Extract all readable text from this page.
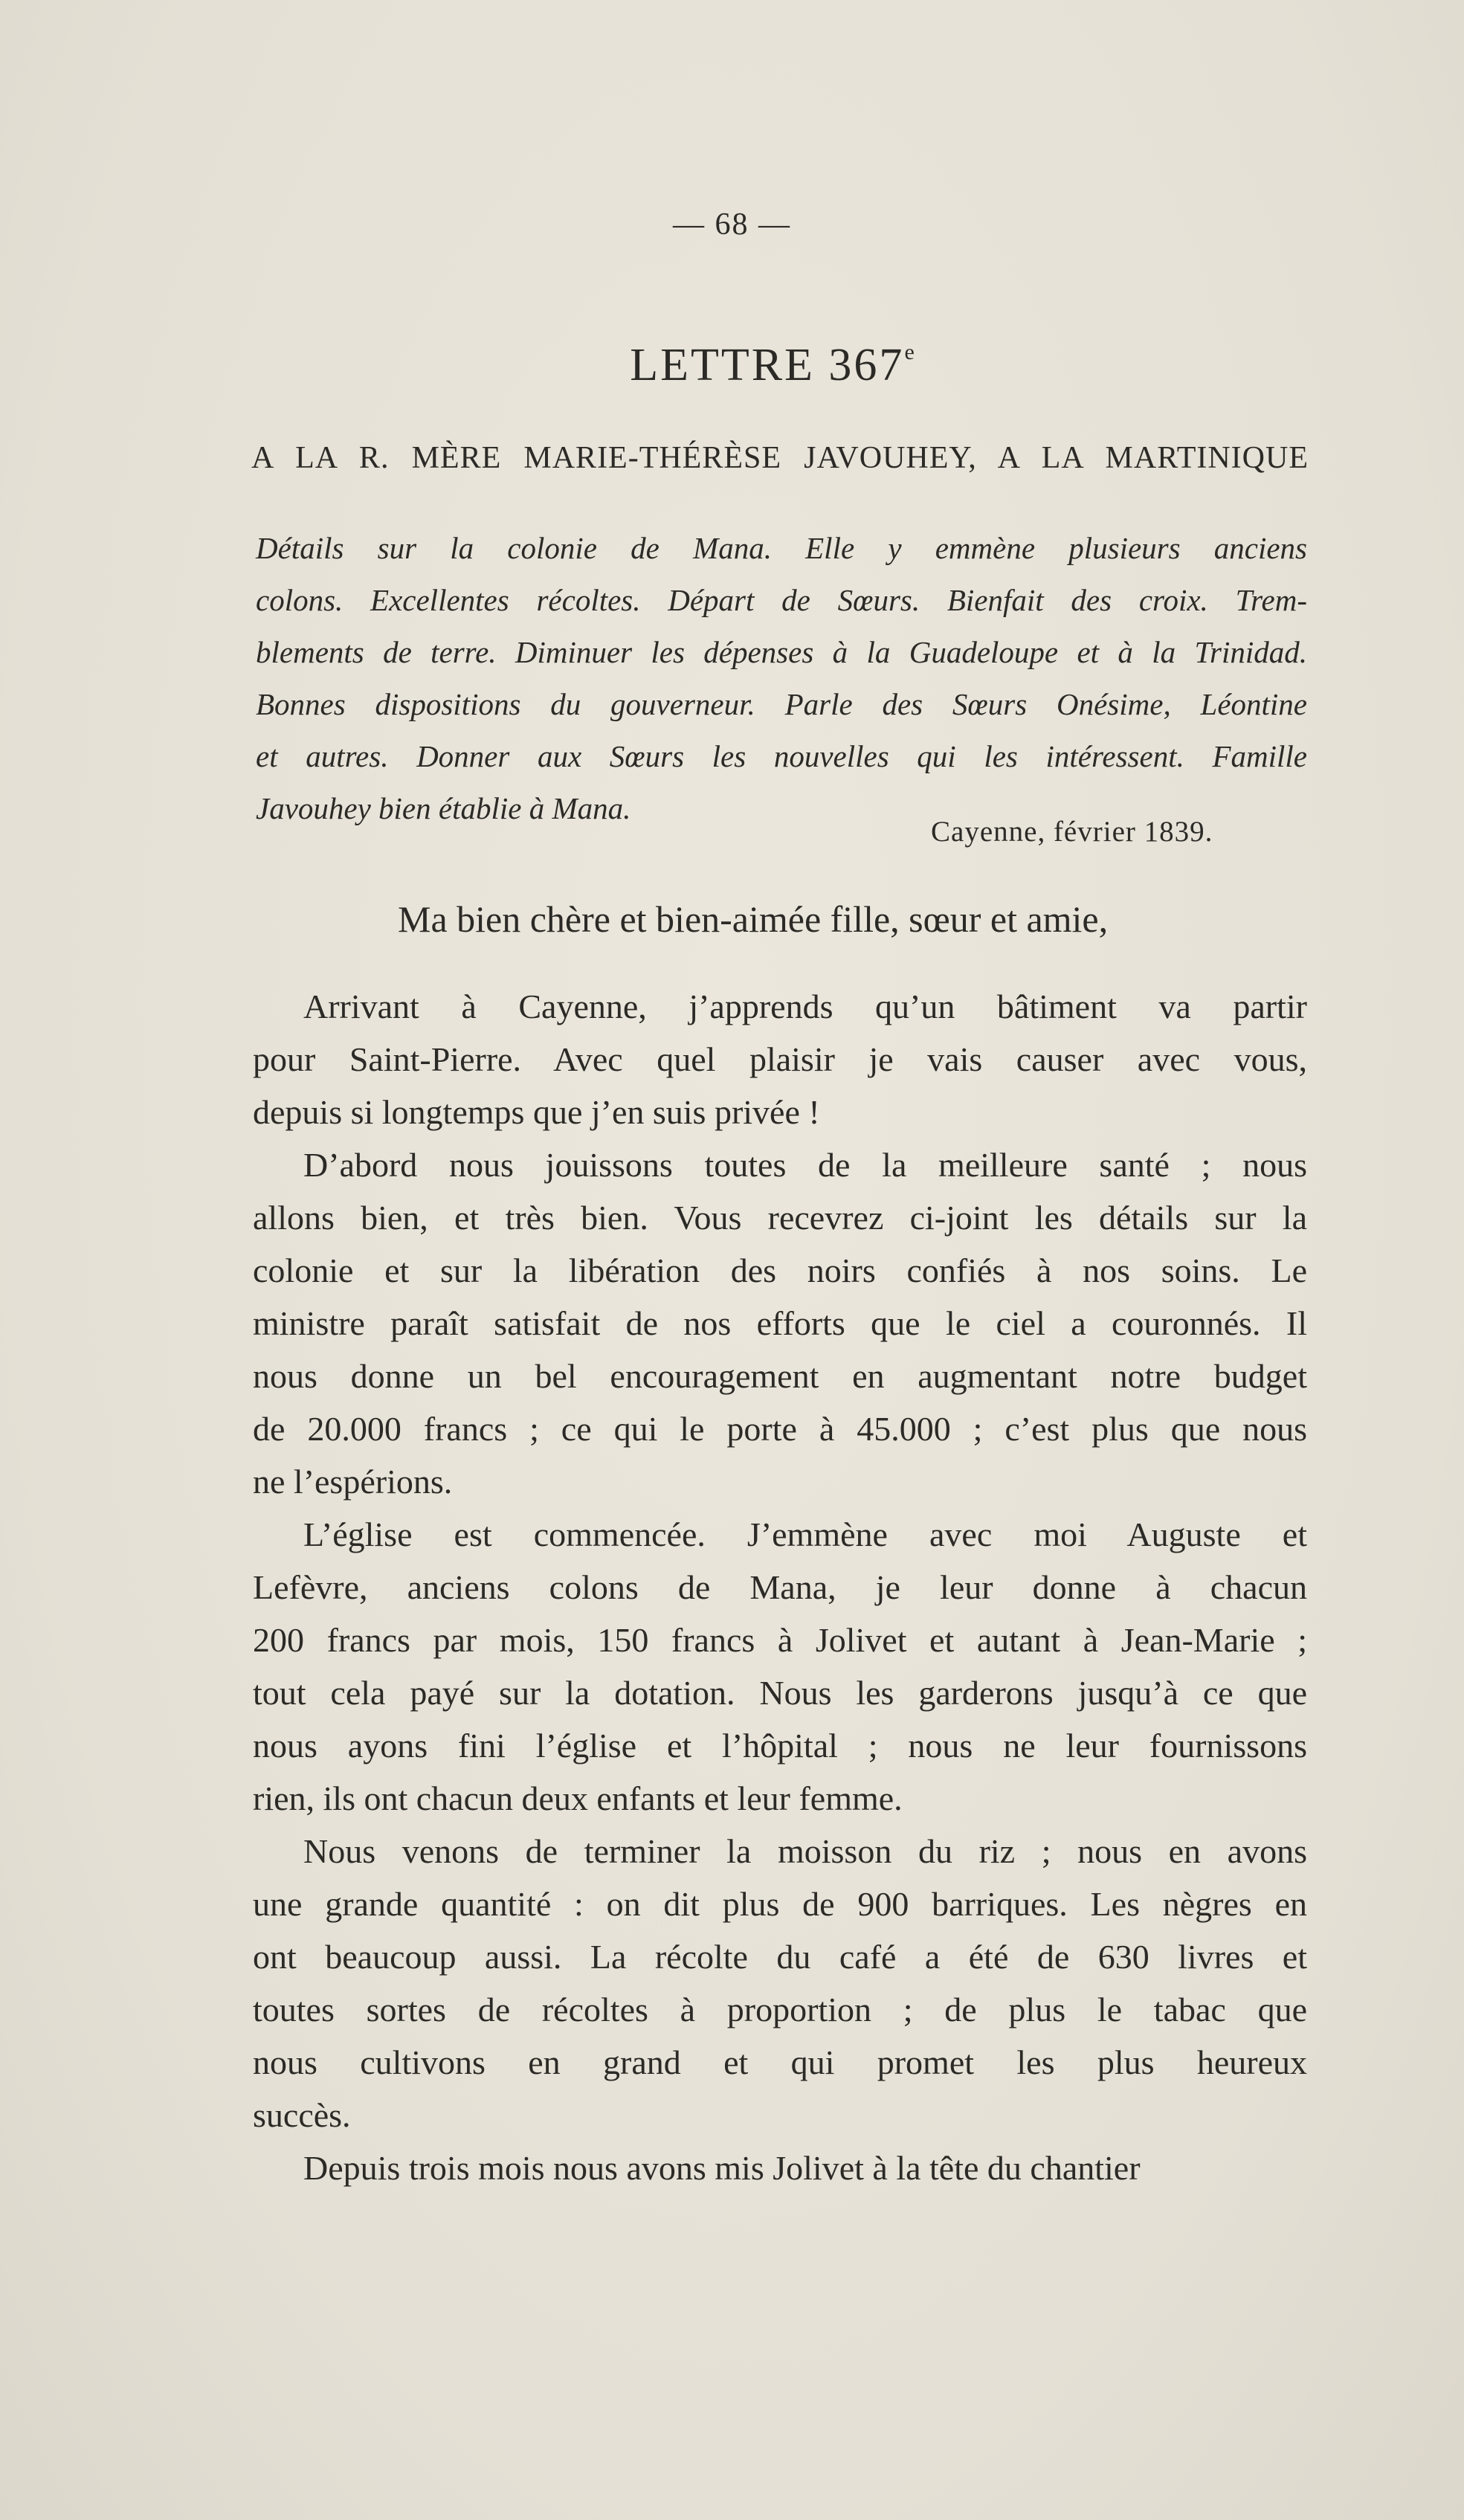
— 68 —
LETTRE 367e
A LA R. MÈRE MARIE-THÉRÈSE JAVOUHEY, A LA MARTINIQUE
Détails sur la colonie de Mana. Elle y emmène plusieurs anciens
colons. Excellentes récoltes. Départ de Sœurs. Bienfait des croix. Trem-
blements de terre. Diminuer les dépenses à la Guadeloupe et à la Trinidad.
Bonnes dispositions du gouverneur. Parle des Sœurs Onésime, Léontine
et autres. Donner aux Sœurs les nouvelles qui les intéressent. Famille
Javouhey bien établie à Mana.
Cayenne, février 1839.
Ma bien chère et bien-aimée fille, sœur et amie,
Arrivant à Cayenne, j’apprends qu’un bâtiment va partir
pour Saint-Pierre. Avec quel plaisir je vais causer avec vous,
depuis si longtemps que j’en suis privée !
D’abord nous jouissons toutes de la meilleure santé ; nous
allons bien, et très bien. Vous recevrez ci-joint les détails sur la
colonie et sur la libération des noirs confiés à nos soins. Le
ministre paraît satisfait de nos efforts que le ciel a couronnés. Il
nous donne un bel encouragement en augmentant notre budget
de 20.000 francs ; ce qui le porte à 45.000 ; c’est plus que nous
ne l’espérions.
L’église est commencée. J’emmène avec moi Auguste et
Lefèvre, anciens colons de Mana, je leur donne à chacun
200 francs par mois, 150 francs à Jolivet et autant à Jean-Marie ;
tout cela payé sur la dotation. Nous les garderons jusqu’à ce que
nous ayons fini l’église et l’hôpital ; nous ne leur fournissons
rien, ils ont chacun deux enfants et leur femme.
Nous venons de terminer la moisson du riz ; nous en avons
une grande quantité : on dit plus de 900 barriques. Les nègres en
ont beaucoup aussi. La récolte du café a été de 630 livres et
toutes sortes de récoltes à proportion ; de plus le tabac que
nous cultivons en grand et qui promet les plus heureux
succès.
Depuis trois mois nous avons mis Jolivet à la tête du chantier
